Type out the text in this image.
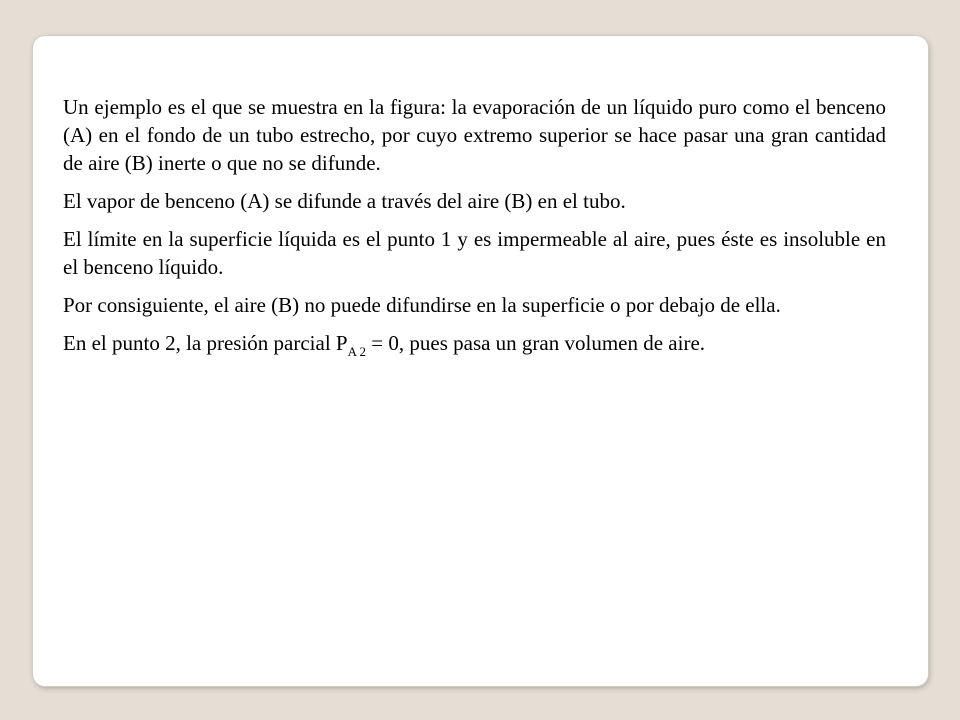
Un ejemplo es el que se muestra en la figura: la evaporación de un líquido puro como el benceno (A) en el fondo de un tubo estrecho, por cuyo extremo superior se hace pasar una gran cantidad de aire (B) inerte o que no se difunde.

El vapor de benceno (A) se difunde a través del aire (B) en el tubo.

El límite en la superficie líquida es el punto 1 y es impermeable al aire, pues éste es insoluble en el benceno líquido.

Por consiguiente, el aire (B) no puede difundirse en la superficie o por debajo de ella.

En el punto 2, la presión parcial $P_{A 2} = 0$, pues pasa un gran volumen de aire.
